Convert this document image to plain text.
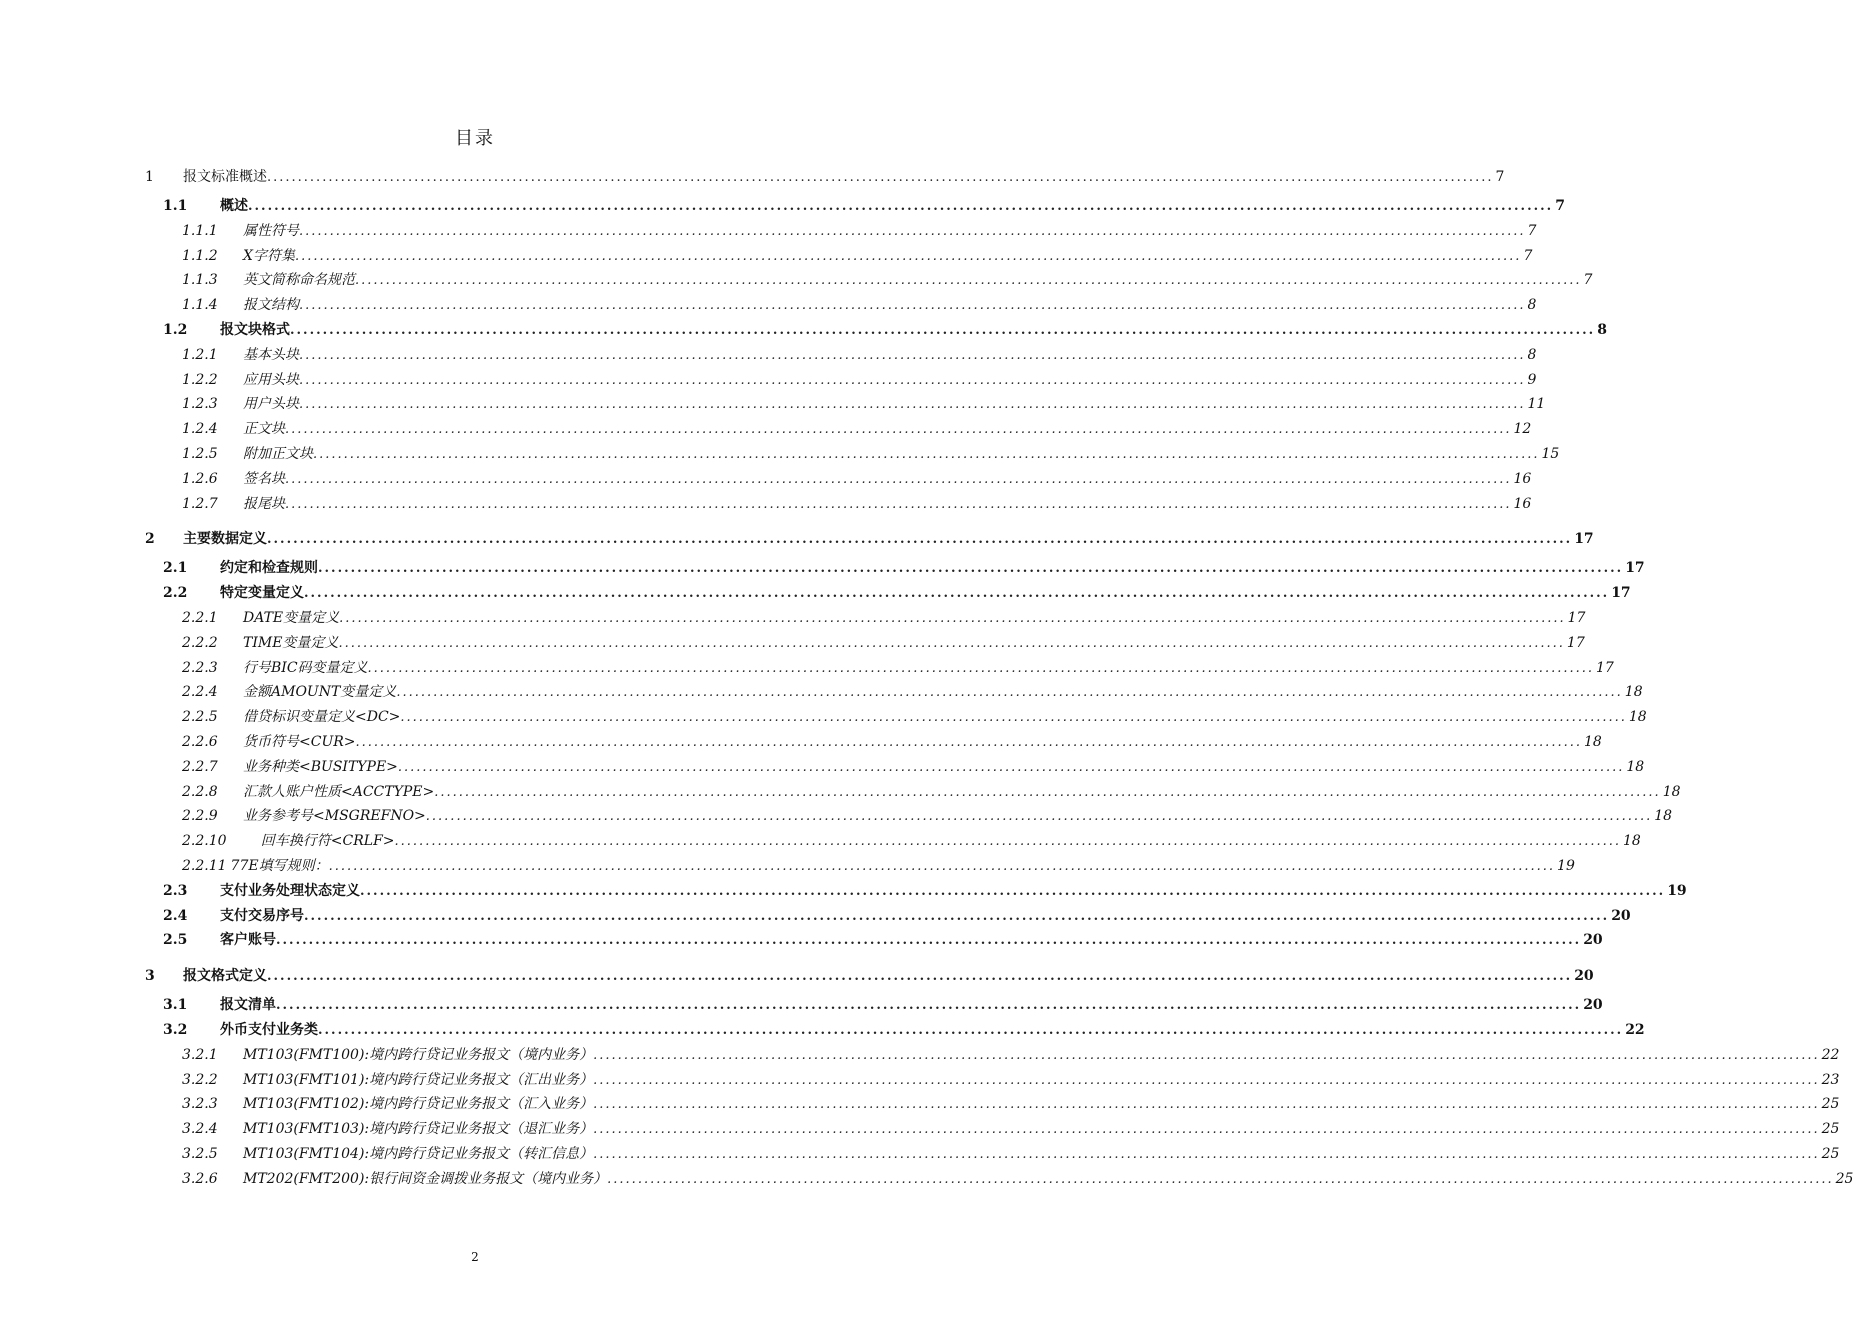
目录
1	报文标准概述 ........................................................................................................................................................................................................ 7
1.1	概述 ........................................................................................................................................................................................................ 7
1.1.1	属性符号 ........................................................................................................................................................................................................ 7
1.1.2	X字符集 ........................................................................................................................................................................................................ 7
1.1.3	英文简称命名规范 ........................................................................................................................................................................................................ 7
1.1.4	报文结构 ........................................................................................................................................................................................................ 8
1.2	报文块格式 ........................................................................................................................................................................................................ 8
1.2.1	基本头块 ........................................................................................................................................................................................................ 8
1.2.2	应用头块 ........................................................................................................................................................................................................ 9
1.2.3	用户头块 ........................................................................................................................................................................................................ 11
1.2.4	正文块 ........................................................................................................................................................................................................ 12
1.2.5	附加正文块 ........................................................................................................................................................................................................ 15
1.2.6	签名块 ........................................................................................................................................................................................................ 16
1.2.7	报尾块 ........................................................................................................................................................................................................ 16
2	主要数据定义 ........................................................................................................................................................................................................ 17
2.1	约定和检查规则 ........................................................................................................................................................................................................ 17
2.2	特定变量定义 ........................................................................................................................................................................................................ 17
2.2.1	DATE变量定义 ........................................................................................................................................................................................................ 17
2.2.2	TIME变量定义 ........................................................................................................................................................................................................ 17
2.2.3	行号BIC码变量定义 ........................................................................................................................................................................................................ 17
2.2.4	金额AMOUNT变量定义 ........................................................................................................................................................................................................ 18
2.2.5	借贷标识变量定义<DC> ........................................................................................................................................................................................................ 18
2.2.6	货币符号<CUR> ........................................................................................................................................................................................................ 18
2.2.7	业务种类<BUSITYPE> ........................................................................................................................................................................................................ 18
2.2.8	汇款人账户性质<ACCTYPE> ........................................................................................................................................................................................................ 18
2.2.9	业务参考号<MSGREFNO> ........................................................................................................................................................................................................ 18
2.2.10	回车换行符<CRLF> ........................................................................................................................................................................................................ 18
2.2.11 77E填写规则： ........................................................................................................................................................................................................ 19
2.3	支付业务处理状态定义 ........................................................................................................................................................................................................ 19
2.4	支付交易序号 ........................................................................................................................................................................................................ 20
2.5	客户账号 ........................................................................................................................................................................................................ 20
3	报文格式定义 ........................................................................................................................................................................................................ 20
3.1	报文清单 ........................................................................................................................................................................................................ 20
3.2	外币支付业务类 ........................................................................................................................................................................................................ 22
3.2.1	MT103(FMT100):境内跨行贷记业务报文（境内业务） ........................................................................................................................................................................................................ 22
3.2.2	MT103(FMT101):境内跨行贷记业务报文（汇出业务） ........................................................................................................................................................................................................ 23
3.2.3	MT103(FMT102):境内跨行贷记业务报文（汇入业务） ........................................................................................................................................................................................................ 25
3.2.4	MT103(FMT103):境内跨行贷记业务报文（退汇业务） ........................................................................................................................................................................................................ 25
3.2.5	MT103(FMT104):境内跨行贷记业务报文（转汇信息） ........................................................................................................................................................................................................ 25
3.2.6	MT202(FMT200):银行间资金调拨业务报文（境内业务） ........................................................................................................................................................................................................ 25
2
